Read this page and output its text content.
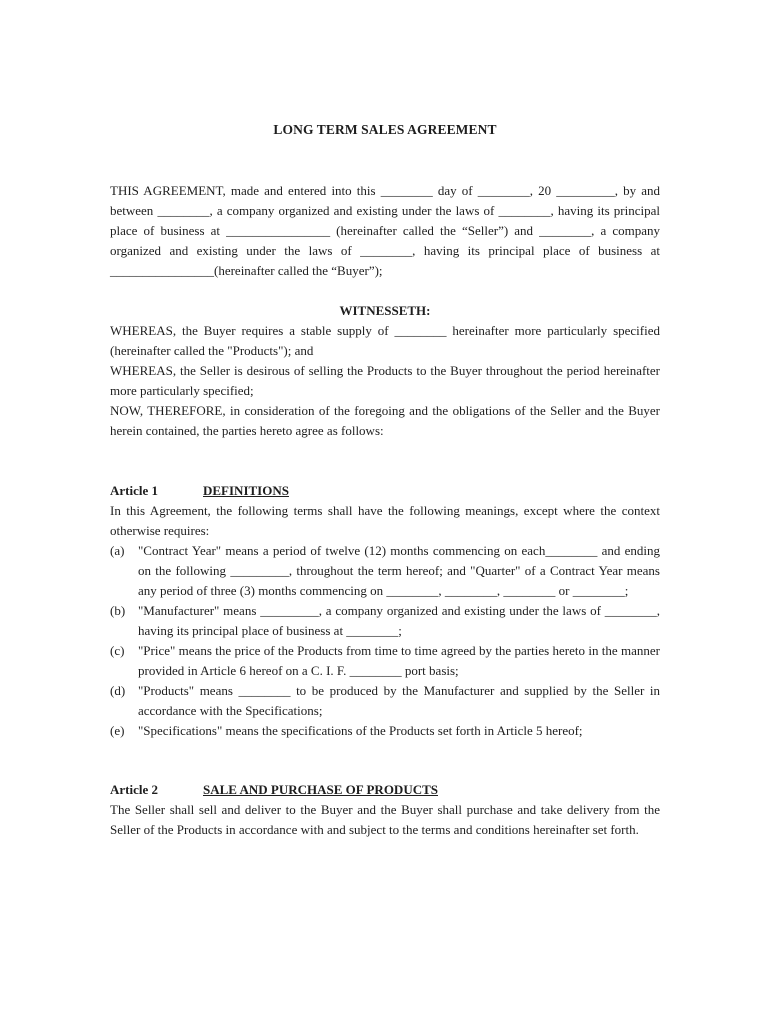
LONG TERM SALES AGREEMENT

THIS AGREEMENT, made and entered into this ________ day of ________, 20 _________, by and between ________, a company organized and existing under the laws of ________, having its principal place of business at ________________ (hereinafter called the “Seller”) and ________, a company organized and existing under the laws of ________, having its principal place of business at ________________(hereinafter called the “Buyer”);

WITNESSETH:

WHEREAS, the Buyer requires a stable supply of ________ hereinafter more particularly specified (hereinafter called the "Products"); and

WHEREAS, the Seller is desirous of selling the Products to the Buyer throughout the period hereinafter more particularly specified;

NOW, THEREFORE, in consideration of the foregoing and the obligations of the Seller and the Buyer herein contained, the parties hereto agree as follows:

Article 1	DEFINITIONS

In this Agreement, the following terms shall have the following meanings, except where the context otherwise requires:

(a)	"Contract Year" means a period of twelve (12) months commencing on each________ and ending on the following _________, throughout the term hereof; and "Quarter" of a Contract Year means any period of three (3) months commencing on ________, ________, ________ or ________;
(b) "Manufacturer" means _________, a company organized and existing under the laws of ________, having its principal place of business at ________;
(c)	"Price" means the price of the Products from time to time agreed by the parties hereto in the manner provided in Article 6 hereof on a C. I. F. ________ port basis;
(d) "Products" means ________ to be produced by the Manufacturer and supplied by the Seller in accordance with the Specifications;
(e)	"Specifications" means the specifications of the Products set forth in Article 5 hereof;
Article 2	SALE AND PURCHASE OF PRODUCTS

The Seller shall sell and deliver to the Buyer and the Buyer shall purchase and take delivery from the Seller of the Products in accordance with and subject to the terms and conditions hereinafter set forth.
